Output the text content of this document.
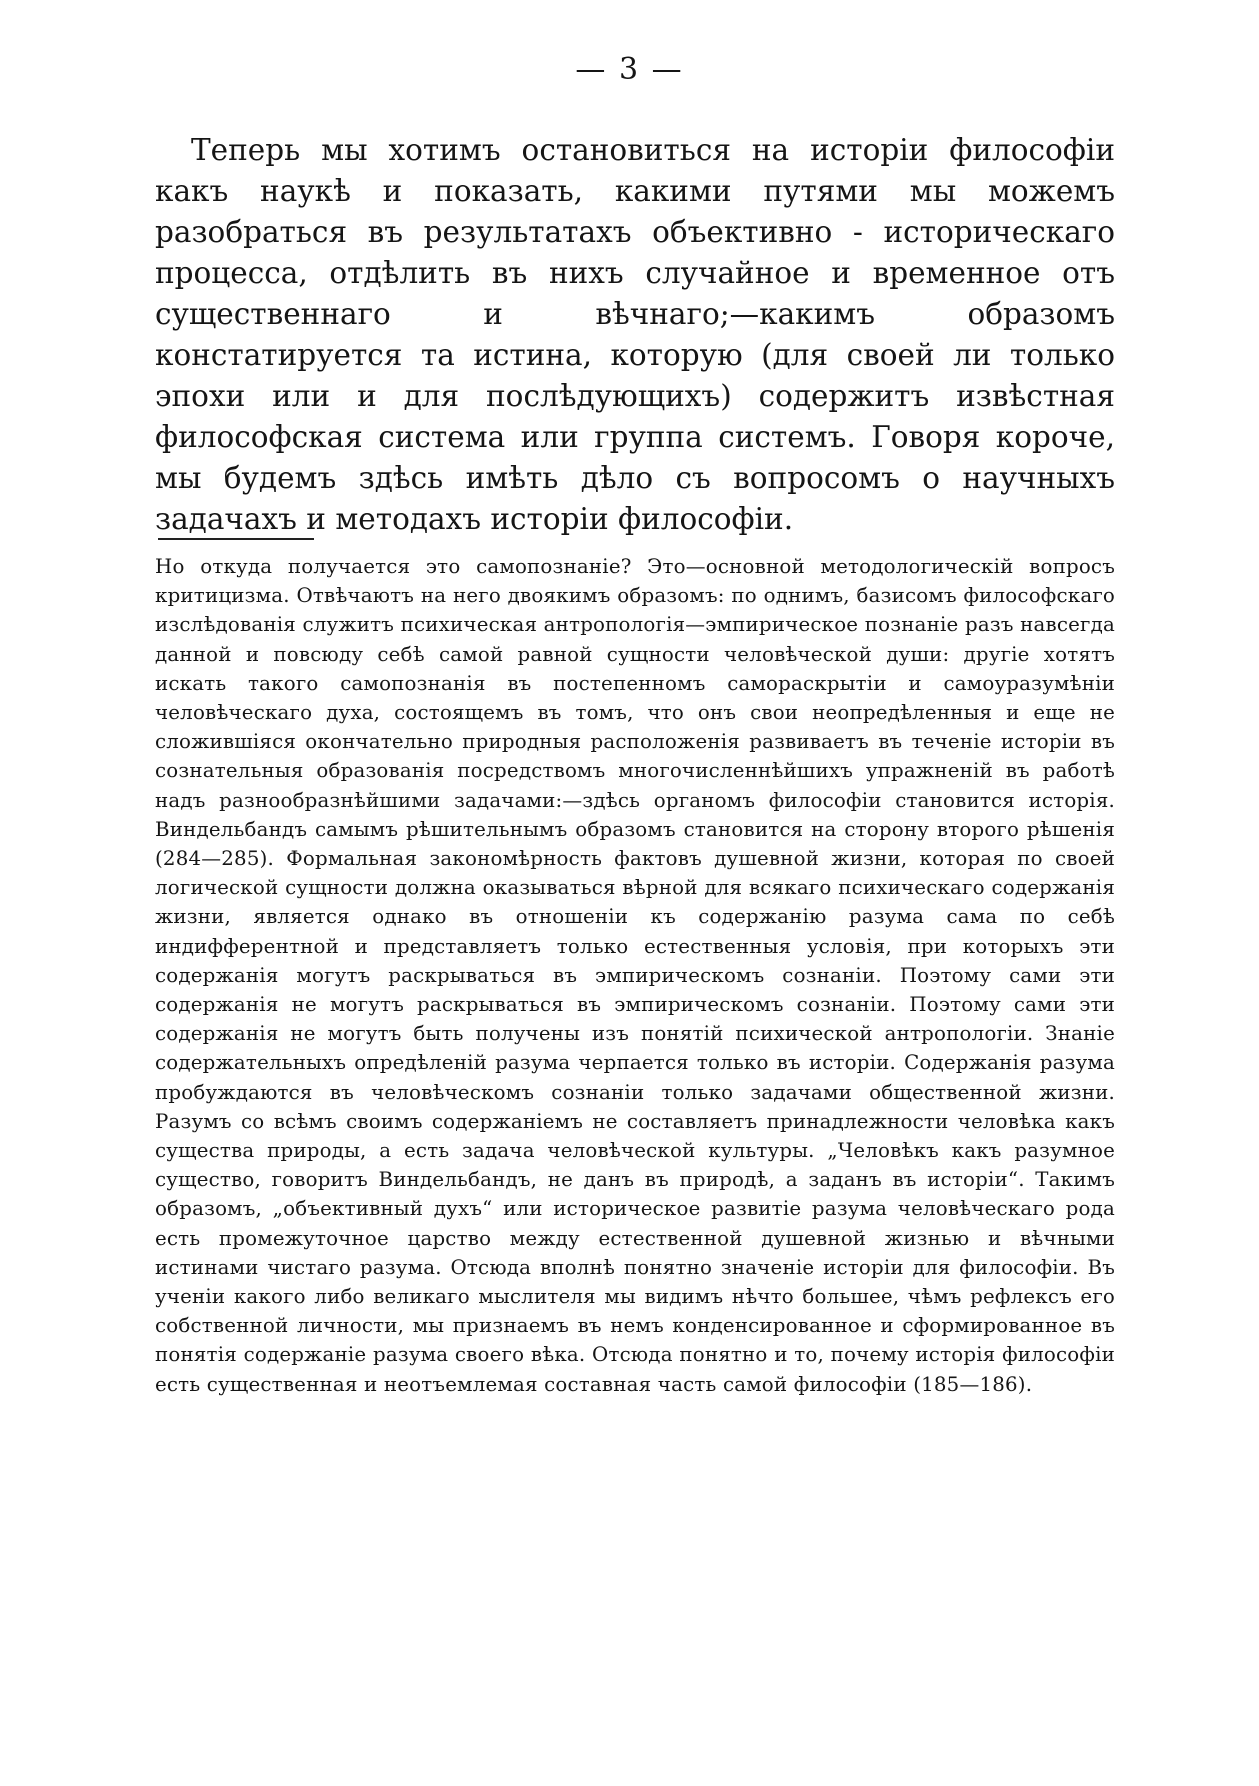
— 3 —

Теперь мы хотимъ остановиться на исторіи философіи какъ наукѣ и показать, какими путями мы можемъ разобраться въ результатахъ объективно - историческаго процесса, отдѣлить въ нихъ случайное и временное отъ существеннаго и вѣчнаго;—какимъ образомъ констатируется та истина, которую (для своей ли только эпохи или и для послѣдующихъ) содержитъ извѣстная философская система или группа системъ. Говоря короче, мы будемъ здѣсь имѣть дѣло съ вопросомъ о научныхъ задачахъ и методахъ исторіи философіи.

Но откуда получается это самопознаніе? Это—основной методологическій вопросъ критицизма. Отвѣчаютъ на него двоякимъ образомъ: по однимъ, базисомъ философскаго изслѣдованія служитъ психическая антропологія—эмпирическое познаніе разъ навсегда данной и повсюду себѣ самой равной сущности человѣческой души: другіе хотятъ искать такого самопознанія въ постепенномъ самораскрытіи и самоуразумѣніи человѣческаго духа, состоящемъ въ томъ, что онъ свои неопредѣленныя и еще не сложившіяся окончательно природныя расположенія развиваетъ въ теченіе исторіи въ сознательныя образованія посредствомъ многочисленнѣйшихъ упражненій въ работѣ надъ разнообразнѣйшими задачами:—здѣсь органомъ философіи становится исторія. Виндельбандъ самымъ рѣшительнымъ образомъ становится на сторону второго рѣшенія (284—285). Формальная закономѣрность фактовъ душевной жизни, которая по своей логической сущности должна оказываться вѣрной для всякаго психическаго содержанія жизни, является однако въ отношеніи къ содержанію разума сама по себѣ индифферентной и представляетъ только естественныя условія, при которыхъ эти содержанія могутъ раскрываться въ эмпирическомъ сознаніи. Поэтому сами эти содержанія не могутъ раскрываться въ эмпирическомъ сознаніи. Поэтому сами эти содержанія не могутъ быть получены изъ понятій психической антропологіи. Знаніе содержательныхъ опредѣленій разума черпается только въ исторіи. Содержанія разума пробуждаются въ человѣческомъ сознаніи только задачами общественной жизни. Разумъ со всѣмъ своимъ содержаніемъ не составляетъ принадлежности человѣка какъ существа природы, а есть задача человѣческой культуры. „Человѣкъ какъ разумное существо, говоритъ Виндельбандъ, не данъ въ природѣ, а заданъ въ исторіи“. Такимъ образомъ, „объективный духъ“ или историческое развитіе разума человѣческаго рода есть промежуточное царство между естественной душевной жизнью и вѣчными истинами чистаго разума. Отсюда вполнѣ понятно значеніе исторіи для философіи. Въ ученіи какого либо великаго мыслителя мы видимъ нѣчто большее, чѣмъ рефлексъ его собственной личности, мы признаемъ въ немъ конденсированное и сформированное въ понятія содержаніе разума своего вѣка. Отсюда понятно и то, почему исторія философіи есть существенная и неотъемлемая составная часть самой философіи (185—186).
